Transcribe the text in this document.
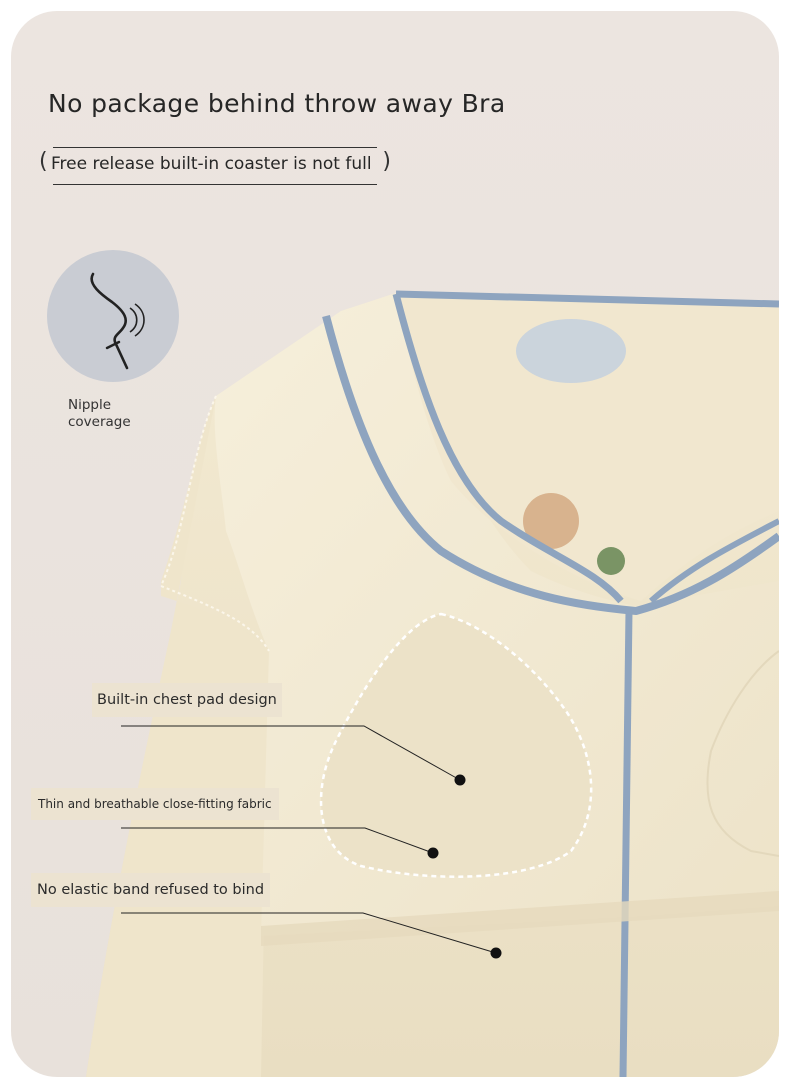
No package behind throw away Bra
( Free release built-in coaster is not full )
Nipple
coverage
Built-in chest pad design
Thin and breathable close-fitting fabric
No elastic band refused to bind
